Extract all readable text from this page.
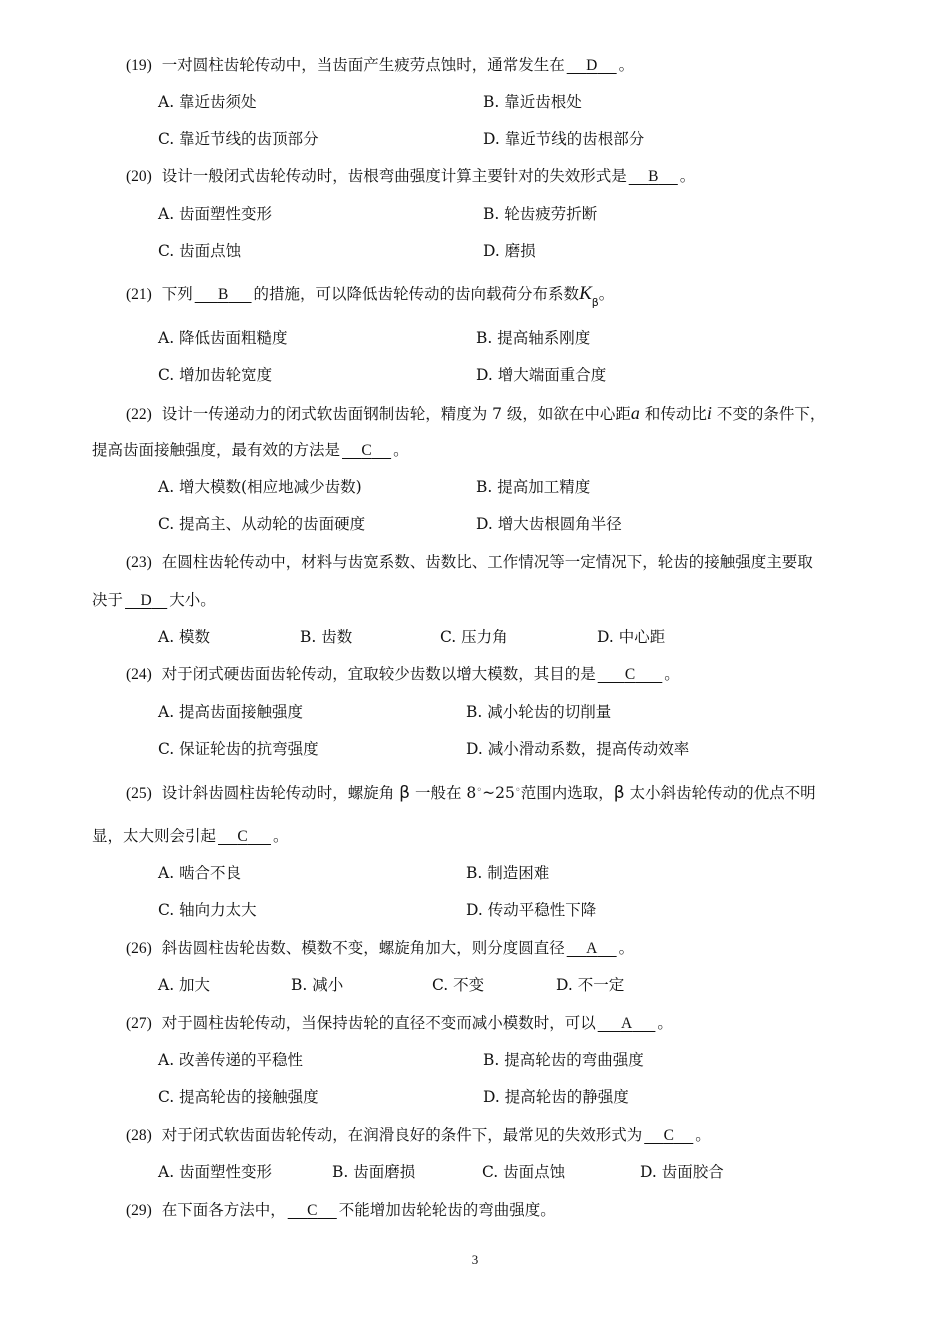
(19) 一对圆柱齿轮传动中，当齿面产生疲劳点蚀时，通常发生在 D 。
A. 靠近齿须处	B. 靠近齿根处
C. 靠近节线的齿顶部分	D. 靠近节线的齿根部分
(20) 设计一般闭式齿轮传动时，齿根弯曲强度计算主要针对的失效形式是 B 。
A. 齿面塑性变形	B. 轮齿疲劳折断
C. 齿面点蚀	D. 磨损
(21) 下列 B 的措施，可以降低齿轮传动的齿向载荷分布系数$K_\beta$。
A. 降低齿面粗糙度	B. 提高轴系刚度
C. 增加齿轮宽度	D. 增大端面重合度
(22) 设计一传递动力的闭式软齿面钢制齿轮，精度为 7 级，如欲在中心距a 和传动比i 不变的条件下，
提高齿面接触强度，最有效的方法是 C 。
A. 增大模数(相应地减少齿数)	B. 提高加工精度
C. 提高主、从动轮的齿面硬度	D. 增大齿根圆角半径
(23) 在圆柱齿轮传动中，材料与齿宽系数、齿数比、工作情况等一定情况下，轮齿的接触强度主要取
决于 D 大小。
A. 模数	B. 齿数	C. 压力角	D. 中心距
(24) 对于闭式硬齿面齿轮传动，宜取较少齿数以增大模数，其目的是 C 。
A. 提高齿面接触强度	B. 减小轮齿的切削量
C. 保证轮齿的抗弯强度	D. 减小滑动系数，提高传动效率
(25) 设计斜齿圆柱齿轮传动时，螺旋角 β 一般在 8◦~25◦范围内选取，β 太小斜齿轮传动的优点不明
显，太大则会引起 C 。
A. 啮合不良	B. 制造困难
C. 轴向力太大	D. 传动平稳性下降
(26) 斜齿圆柱齿轮齿数、模数不变，螺旋角加大，则分度圆直径 A 。
A. 加大	B. 减小	C. 不变	D. 不一定
(27) 对于圆柱齿轮传动，当保持齿轮的直径不变而减小模数时，可以 A 。
A. 改善传递的平稳性	B. 提高轮齿的弯曲强度
C. 提高轮齿的接触强度	D. 提高轮齿的静强度
(28) 对于闭式软齿面齿轮传动，在润滑良好的条件下，最常见的失效形式为 C 。
A. 齿面塑性变形	B. 齿面磨损	C. 齿面点蚀	D. 齿面胶合
(29) 在下面各方法中， C 不能增加齿轮轮齿的弯曲强度。
3
